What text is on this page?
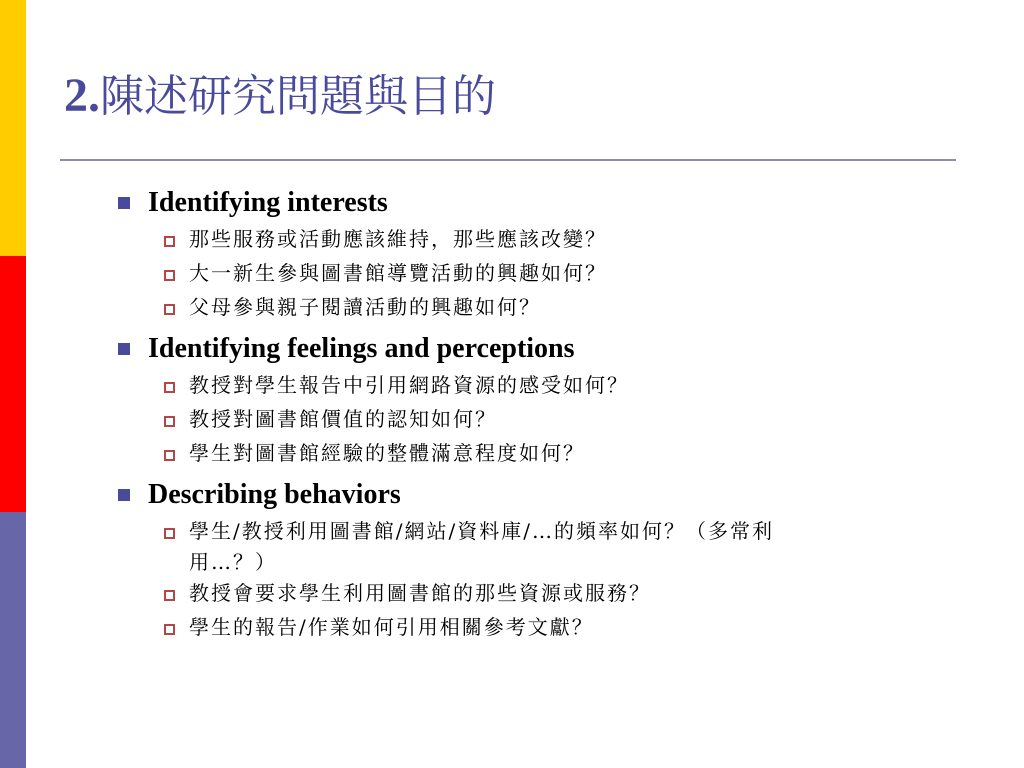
2.陳述研究問題與目的
Identifying interests
那些服務或活動應該維持，那些應該改變？
大一新生參與圖書館導覽活動的興趣如何？
父母參與親子閱讀活動的興趣如何？
Identifying feelings and perceptions
教授對學生報告中引用網路資源的感受如何？
教授對圖書館價值的認知如何？
學生對圖書館經驗的整體滿意程度如何？
Describing behaviors
學生/教授利用圖書館/網站/資料庫/…的頻率如何？（多常利用…？）
教授會要求學生利用圖書館的那些資源或服務？
學生的報告/作業如何引用相關參考文獻？
